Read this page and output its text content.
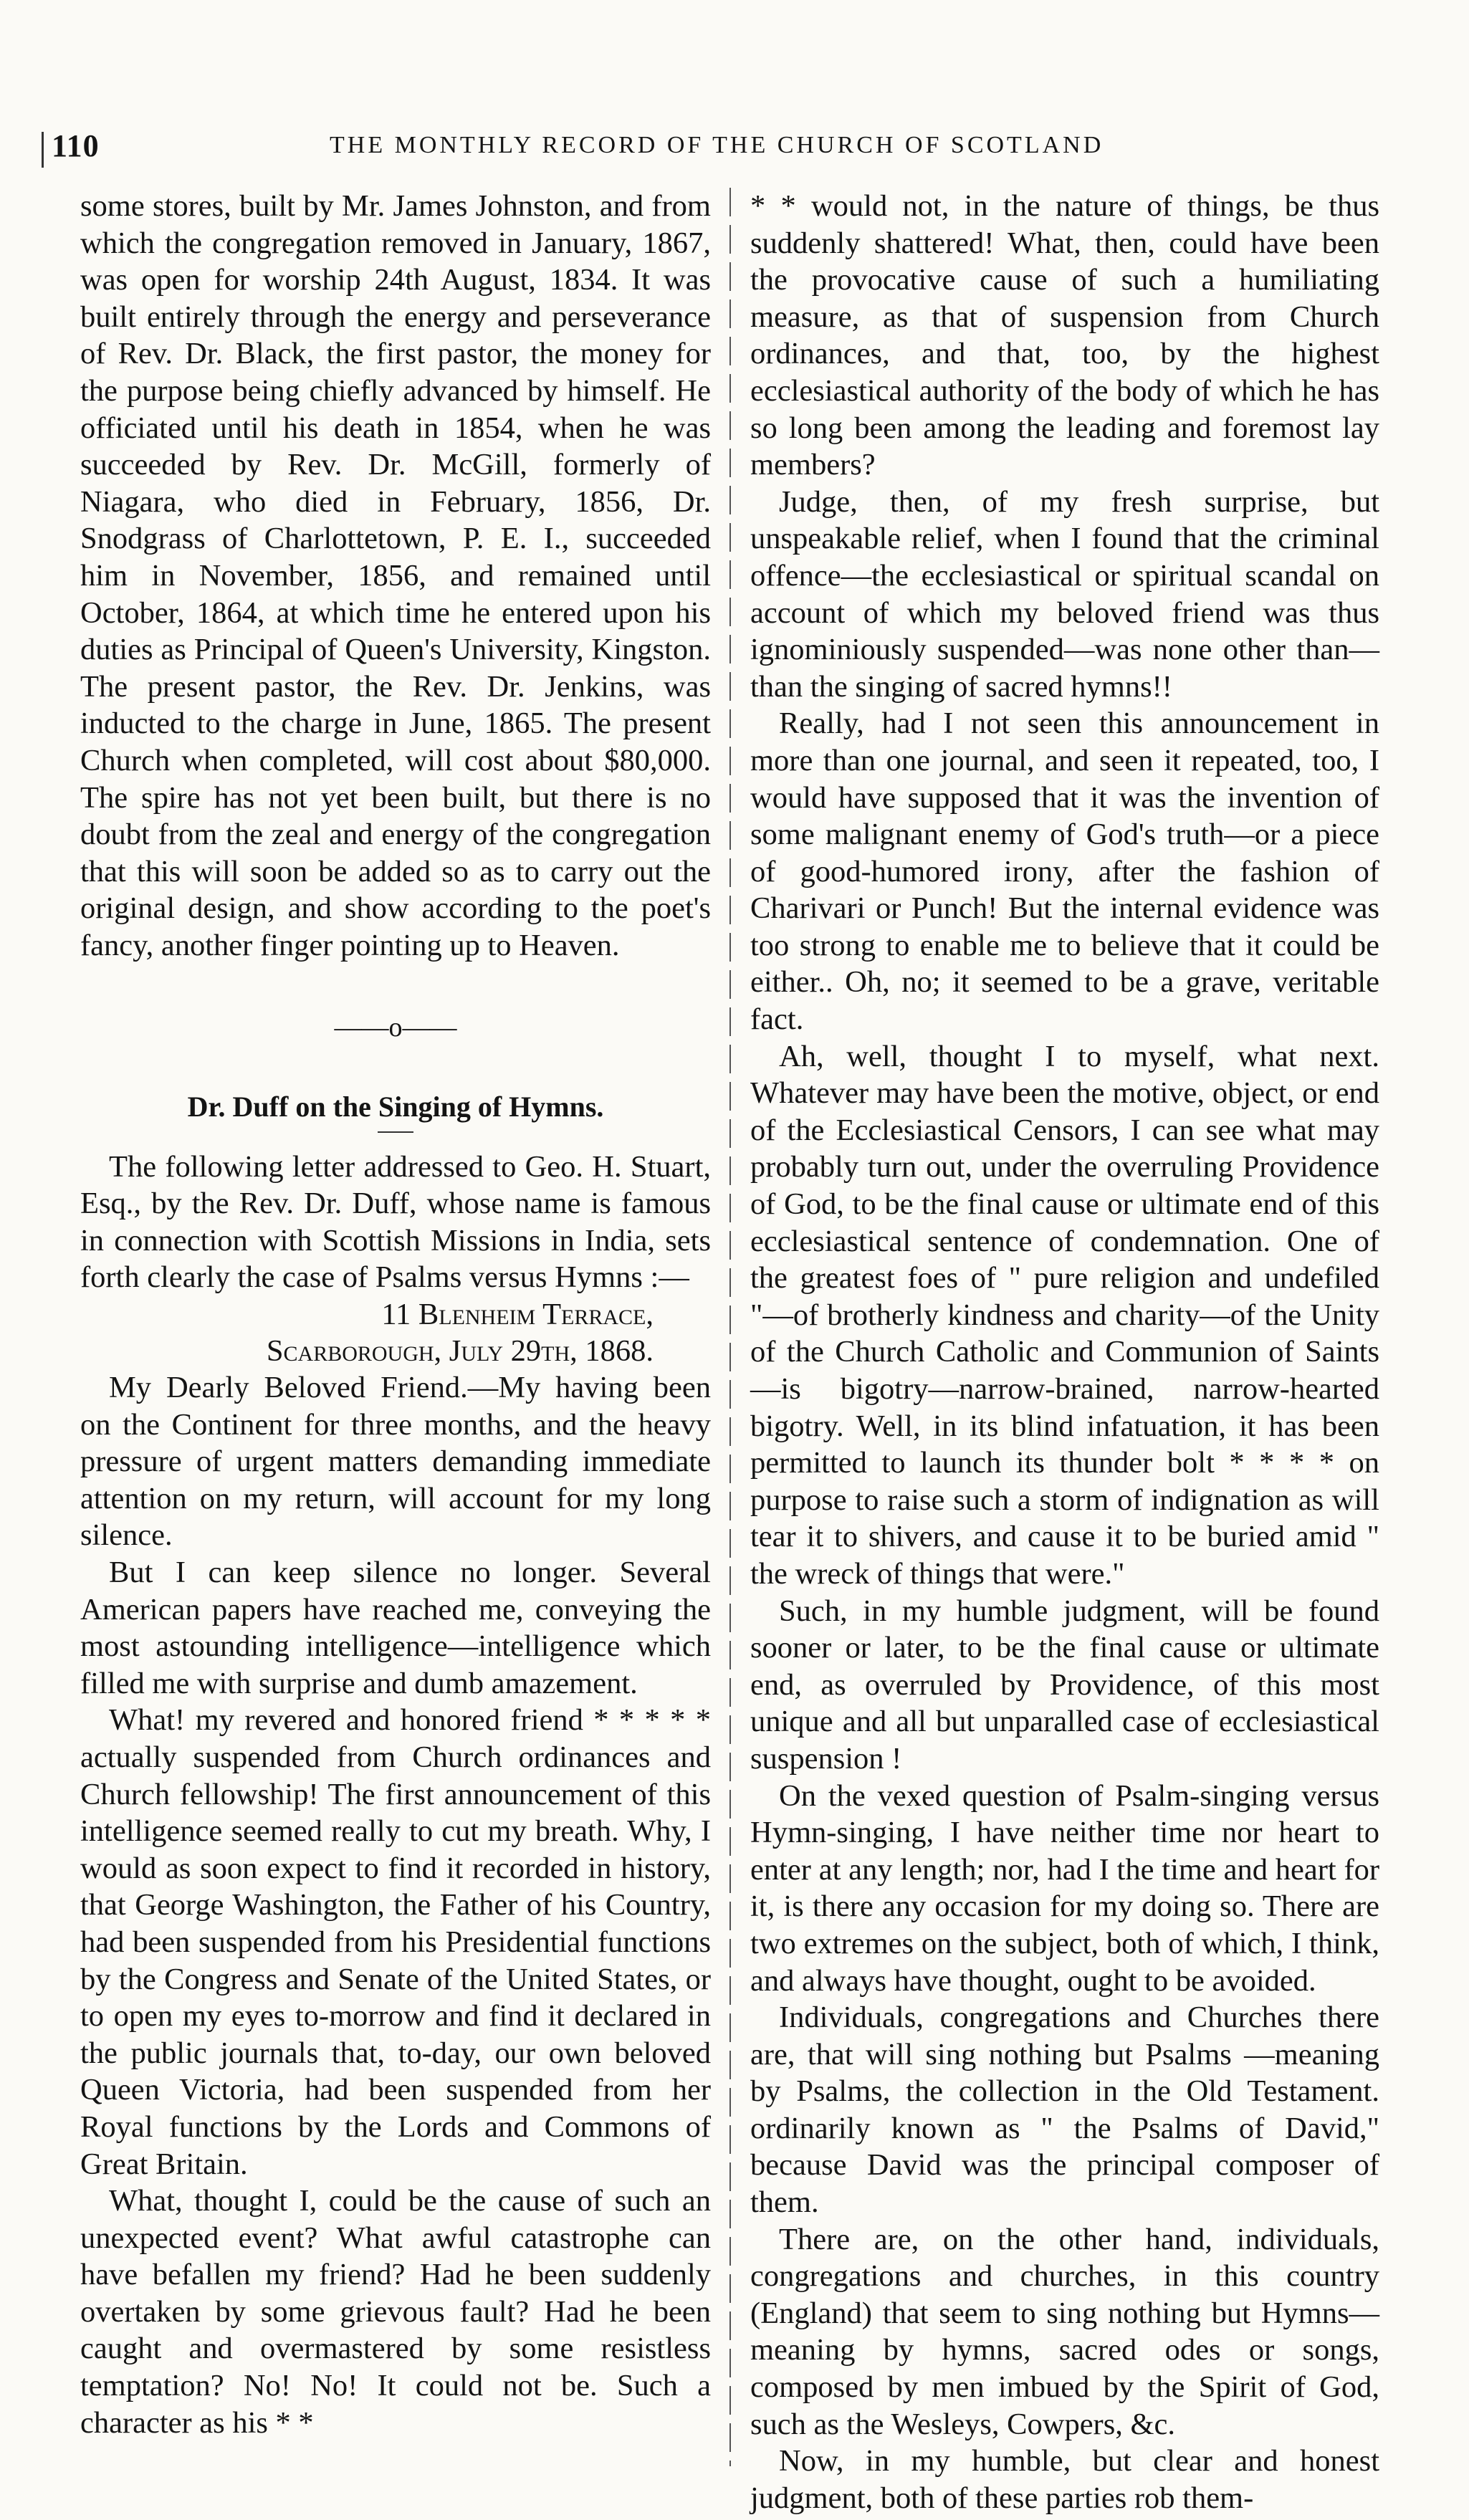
110	THE MONTHLY RECORD OF THE CHURCH OF SCOTLAND

some stores, built by Mr. James Johnston, and from which the congregation removed in January, 1867, was open for worship 24th August, 1834. It was built entirely through the energy and perseverance of Rev. Dr. Black, the first pastor, the money for the purpose being chiefly advanced by himself. He officiated until his death in 1854, when he was succeeded by Rev. Dr. McGill, formerly of Niagara, who died in February, 1856, Dr. Snodgrass of Charlottetown, P. E. I., succeeded him in November, 1856, and remained until October, 1864, at which time he entered upon his duties as Principal of Queen's University, Kingston. The present pastor, the Rev. Dr. Jenkins, was inducted to the charge in June, 1865. The present Church when completed, will cost about $80,000. The spire has not yet been built, but there is no doubt from the zeal and energy of the congregation that this will soon be added so as to carry out the original design, and show according to the poet's fancy, another finger pointing up to Heaven.

——o——

Dr. Duff on the Singing of Hymns.

The following letter addressed to Geo. H. Stuart, Esq., by the Rev. Dr. Duff, whose name is famous in connection with Scottish Missions in India, sets forth clearly the case of Psalms versus Hymns :—

11 Blenheim Terrace,
Scarborough, July 29th, 1868.

My Dearly Beloved Friend.—My having been on the Continent for three months, and the heavy pressure of urgent matters demanding immediate attention on my return, will account for my long silence.

But I can keep silence no longer. Several American papers have reached me, conveying the most astounding intelligence—intelligence which filled me with surprise and dumb amazement.

What! my revered and honored friend * * * * * actually suspended from Church ordinances and Church fellowship! The first announcement of this intelligence seemed really to cut my breath. Why, I would as soon expect to find it recorded in history, that George Washington, the Father of his Country, had been suspended from his Presidential functions by the Congress and Senate of the United States, or to open my eyes to-morrow and find it declared in the public journals that, to-day, our own beloved Queen Victoria, had been suspended from her Royal functions by the Lords and Commons of Great Britain.

What, thought I, could be the cause of such an unexpected event? What awful catastrophe can have befallen my friend? Had he been suddenly overtaken by some grievous fault? Had he been caught and overmastered by some resistless temptation? No! No! It could not be. Such a character as his * *

* * would not, in the nature of things, be thus suddenly shattered! What, then, could have been the provocative cause of such a humiliating measure, as that of suspension from Church ordinances, and that, too, by the highest ecclesiastical authority of the body of which he has so long been among the leading and foremost lay members?

Judge, then, of my fresh surprise, but unspeakable relief, when I found that the criminal offence—the ecclesiastical or spiritual scandal on account of which my beloved friend was thus ignominiously suspended—was none other than—than the singing of sacred hymns!!

Really, had I not seen this announcement in more than one journal, and seen it repeated, too, I would have supposed that it was the invention of some malignant enemy of God's truth—or a piece of good-humored irony, after the fashion of Charivari or Punch! But the internal evidence was too strong to enable me to believe that it could be either.. Oh, no; it seemed to be a grave, veritable fact.

Ah, well, thought I to myself, what next. Whatever may have been the motive, object, or end of the Ecclesiastical Censors, I can see what may probably turn out, under the overruling Providence of God, to be the final cause or ultimate end of this ecclesiastical sentence of condemnation. One of the greatest foes of " pure religion and undefiled "—of brotherly kindness and charity—of the Unity of the Church Catholic and Communion of Saints—is bigotry—narrow-brained, narrow-hearted bigotry. Well, in its blind infatuation, it has been permitted to launch its thunder bolt * * * * on purpose to raise such a storm of indignation as will tear it to shivers, and cause it to be buried amid " the wreck of things that were."

Such, in my humble judgment, will be found sooner or later, to be the final cause or ultimate end, as overruled by Providence, of this most unique and all but unparalled case of ecclesiastical suspension !

On the vexed question of Psalm-singing versus Hymn-singing, I have neither time nor heart to enter at any length; nor, had I the time and heart for it, is there any occasion for my doing so. There are two extremes on the subject, both of which, I think, and always have thought, ought to be avoided.

Individuals, congregations and Churches there are, that will sing nothing but Psalms —meaning by Psalms, the collection in the Old Testament. ordinarily known as " the Psalms of David," because David was the principal composer of them.

There are, on the other hand, individuals, congregations and churches, in this country (England) that seem to sing nothing but Hymns—meaning by hymns, sacred odes or songs, composed by men imbued by the Spirit of God, such as the Wesleys, Cowpers, &c.

Now, in my humble, but clear and honest judgment, both of these parties rob them-
